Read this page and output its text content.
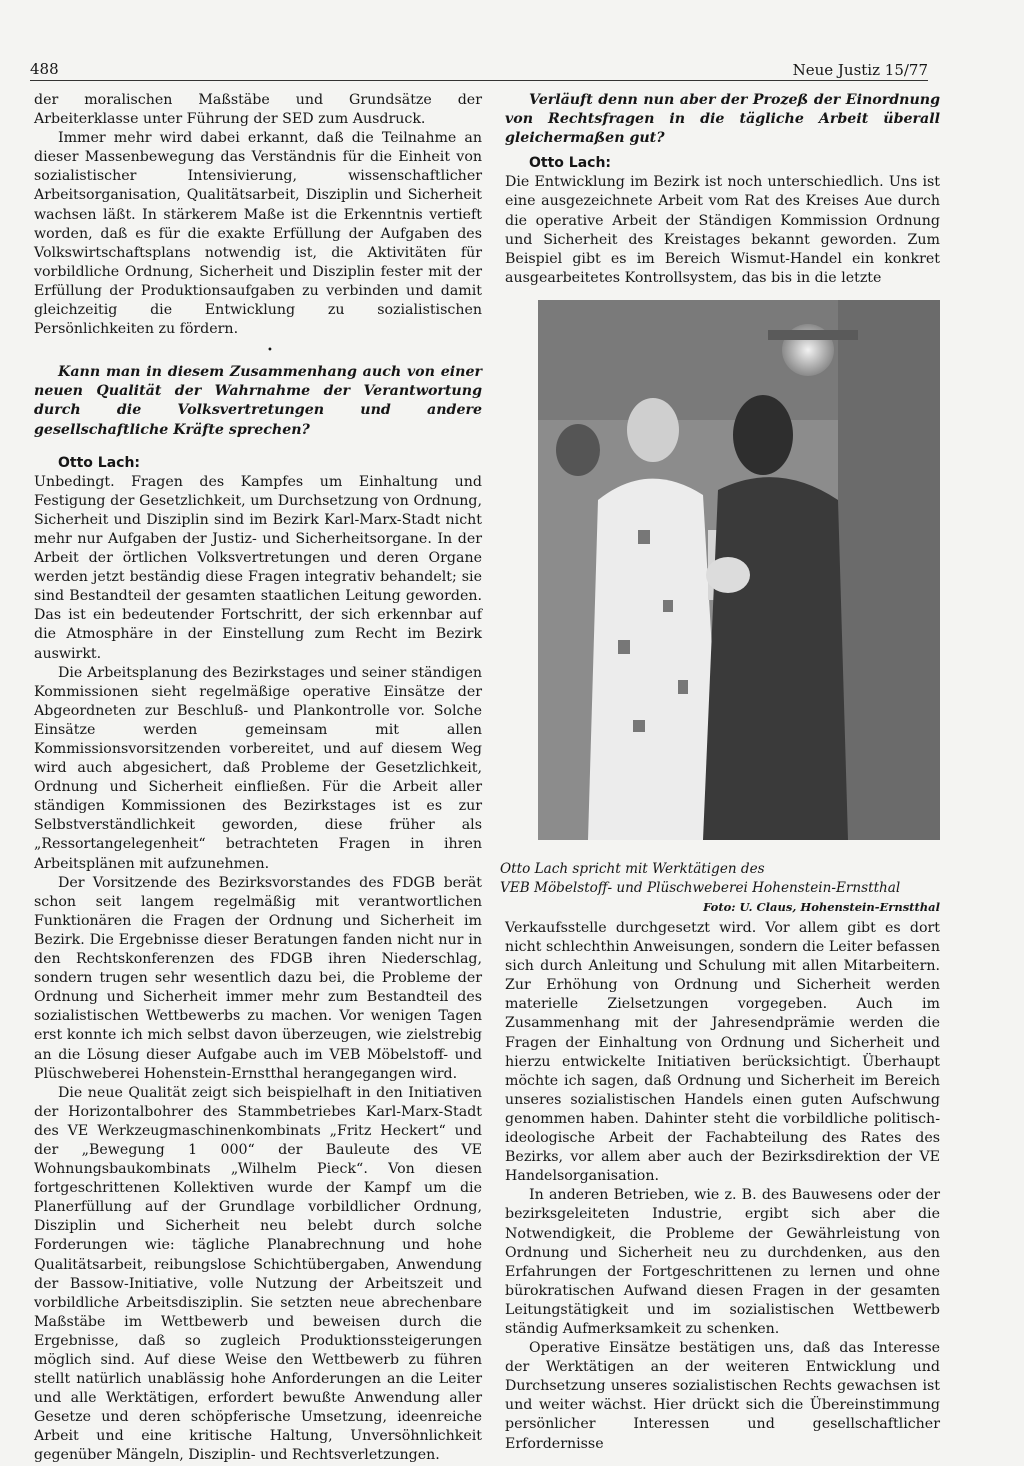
488	Neue Justiz 15/77

der moralischen Maßstäbe und Grundsätze der Arbeiterklasse unter Führung der SED zum Ausdruck.

Immer mehr wird dabei erkannt, daß die Teilnahme an dieser Massenbewegung das Verständnis für die Einheit von sozialistischer Intensivierung, wissenschaftlicher Arbeitsorganisation, Qualitätsarbeit, Disziplin und Sicherheit wachsen läßt. In stärkerem Maße ist die Erkenntnis vertieft worden, daß es für die exakte Erfüllung der Aufgaben des Volkswirtschaftsplans notwendig ist, die Aktivitäten für vorbildliche Ordnung, Sicherheit und Disziplin fester mit der Erfüllung der Produktionsaufgaben zu verbinden und damit gleichzeitig die Entwicklung zu sozialistischen Persönlichkeiten zu fördern.

•

Kann man in diesem Zusammenhang auch von einer neuen Qualität der Wahrnahme der Verantwortung durch die Volksvertretungen und andere gesellschaftliche Kräfte sprechen?

Otto Lach:

Unbedingt. Fragen des Kampfes um Einhaltung und Festigung der Gesetzlichkeit, um Durchsetzung von Ordnung, Sicherheit und Disziplin sind im Bezirk Karl-Marx-Stadt nicht mehr nur Aufgaben der Justiz- und Sicherheitsorgane. In der Arbeit der örtlichen Volksvertretungen und deren Organe werden jetzt beständig diese Fragen integrativ behandelt; sie sind Bestandteil der gesamten staatlichen Leitung geworden. Das ist ein bedeutender Fortschritt, der sich erkennbar auf die Atmosphäre in der Einstellung zum Recht im Bezirk auswirkt.

Die Arbeitsplanung des Bezirkstages und seiner ständigen Kommissionen sieht regelmäßige operative Einsätze der Abgeordneten zur Beschluß- und Plankontrolle vor. Solche Einsätze werden gemeinsam mit allen Kommissionsvorsitzenden vorbereitet, und auf diesem Weg wird auch abgesichert, daß Probleme der Gesetzlichkeit, Ordnung und Sicherheit einfließen. Für die Arbeit aller ständigen Kommissionen des Bezirkstages ist es zur Selbstverständlichkeit geworden, diese früher als „Ressortangelegenheit“ betrachteten Fragen in ihren Arbeitsplänen mit aufzunehmen.

Der Vorsitzende des Bezirksvorstandes des FDGB berät schon seit langem regelmäßig mit verantwortlichen Funktionären die Fragen der Ordnung und Sicherheit im Bezirk. Die Ergebnisse dieser Beratungen fanden nicht nur in den Rechtskonferenzen des FDGB ihren Niederschlag, sondern trugen sehr wesentlich dazu bei, die Probleme der Ordnung und Sicherheit immer mehr zum Bestandteil des sozialistischen Wettbewerbs zu machen. Vor wenigen Tagen erst konnte ich mich selbst davon überzeugen, wie zielstrebig an die Lösung dieser Aufgabe auch im VEB Möbelstoff- und Plüschweberei Hohenstein-Ernstthal herangegangen wird.

Die neue Qualität zeigt sich beispielhaft in den Initiativen der Horizontalbohrer des Stammbetriebes Karl-Marx-Stadt des VE Werkzeugmaschinenkombinats „Fritz Heckert“ und der „Bewegung 1 000“ der Bauleute des VE Wohnungsbaukombinats „Wilhelm Pieck“. Von diesen fortgeschrittenen Kollektiven wurde der Kampf um die Planerfüllung auf der Grundlage vorbildlicher Ordnung, Disziplin und Sicherheit neu belebt durch solche Forderungen wie: tägliche Planabrechnung und hohe Qualitätsarbeit, reibungslose Schichtübergaben, Anwendung der Bassow-Initiative, volle Nutzung der Arbeitszeit und vorbildliche Arbeitsdisziplin. Sie setzten neue abrechenbare Maßstäbe im Wettbewerb und beweisen durch die Ergebnisse, daß so zugleich Produktionssteigerungen möglich sind. Auf diese Weise den Wettbewerb zu führen stellt natürlich unablässig hohe Anforderungen an die Leiter und alle Werktätigen, erfordert bewußte Anwendung aller Gesetze und deren schöpferische Umsetzung, ideenreiche Arbeit und eine kritische Haltung, Unversöhnlichkeit gegenüber Mängeln, Disziplin- und Rechtsverletzungen.

Verläuft denn nun aber der Prozeß der Einordnung von Rechtsfragen in die tägliche Arbeit überall gleichermaßen gut?

Otto Lach:

Die Entwicklung im Bezirk ist noch unterschiedlich. Uns ist eine ausgezeichnete Arbeit vom Rat des Kreises Aue durch die operative Arbeit der Ständigen Kommission Ordnung und Sicherheit des Kreistages bekannt geworden. Zum Beispiel gibt es im Bereich Wismut-Handel ein konkret ausgearbeitetes Kontrollsystem, das bis in die letzte

Otto Lach spricht mit Werktätigen des
VEB Möbelstoff- und Plüschweberei Hohenstein-Ernstthal
Foto: U. Claus, Hohenstein-Ernstthal

Verkaufsstelle durchgesetzt wird. Vor allem gibt es dort nicht schlechthin Anweisungen, sondern die Leiter befassen sich durch Anleitung und Schulung mit allen Mitarbeitern. Zur Erhöhung von Ordnung und Sicherheit werden materielle Zielsetzungen vorgegeben. Auch im Zusammenhang mit der Jahresendprämie werden die Fragen der Einhaltung von Ordnung und Sicherheit und hierzu entwickelte Initiativen berücksichtigt. Überhaupt möchte ich sagen, daß Ordnung und Sicherheit im Bereich unseres sozialistischen Handels einen guten Aufschwung genommen haben. Dahinter steht die vorbildliche politisch-ideologische Arbeit der Fachabteilung des Rates des Bezirks, vor allem aber auch der Bezirksdirektion der VE Handelsorganisation.

In anderen Betrieben, wie z. B. des Bauwesens oder der bezirksgeleiteten Industrie, ergibt sich aber die Notwendigkeit, die Probleme der Gewährleistung von Ordnung und Sicherheit neu zu durchdenken, aus den Erfahrungen der Fortgeschrittenen zu lernen und ohne bürokratischen Aufwand diesen Fragen in der gesamten Leitungstätigkeit und im sozialistischen Wettbewerb ständig Aufmerksamkeit zu schenken.

Operative Einsätze bestätigen uns, daß das Interesse der Werktätigen an der weiteren Entwicklung und Durchsetzung unseres sozialistischen Rechts gewachsen ist und weiter wächst. Hier drückt sich die Übereinstimmung persönlicher Interessen und gesellschaftlicher Erfordernisse
